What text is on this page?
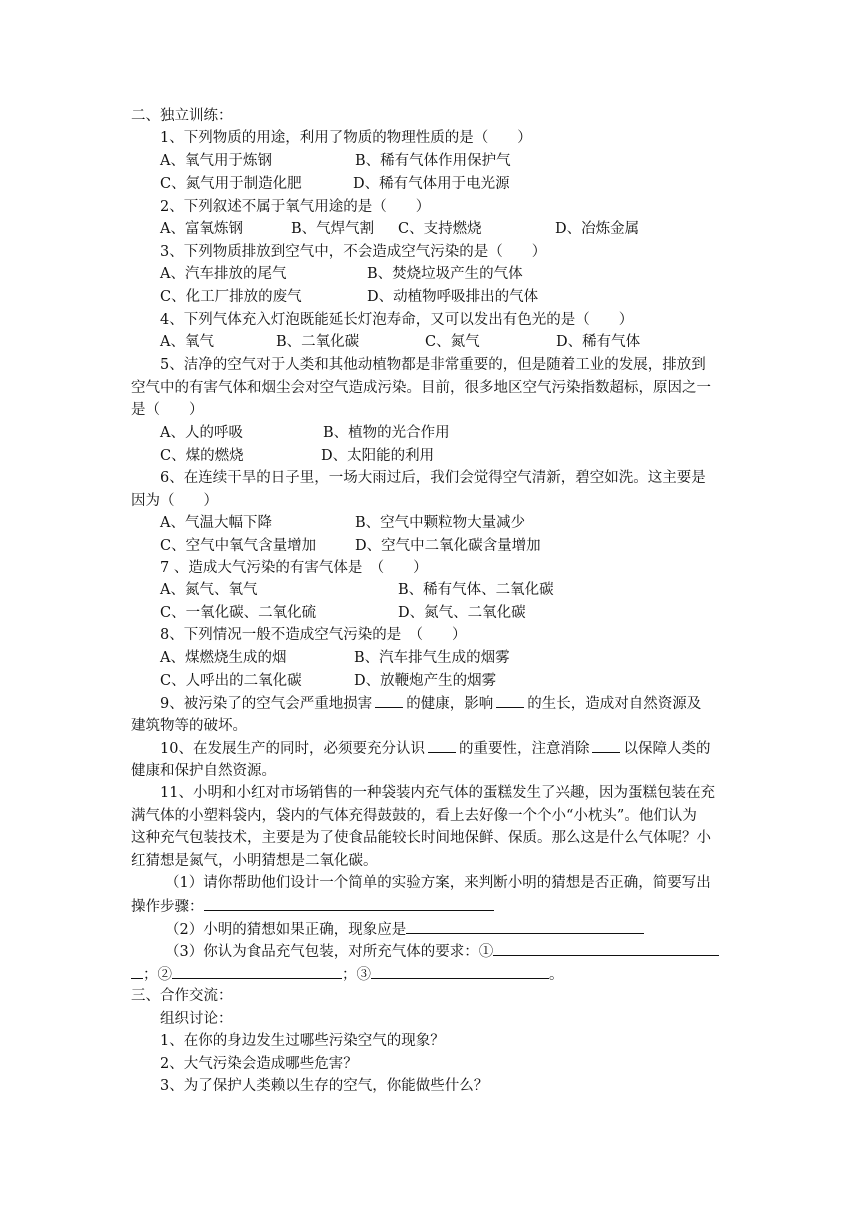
二、独立训练：
1、下列物质的用途，利用了物质的物理性质的是（　　）

A、氧气用于炼钢

	B、稀有气体作用保护气

C、氮气用于制造化肥

	D、稀有气体用于电光源

2、下列叙述不属于氧气用途的是（　　）

A、富氧炼钢

	B、气焊气割

C、支持燃烧

	D、冶炼金属

3、下列物质排放到空气中，不会造成空气污染的是（　　）

A、汽车排放的尾气

	B、焚烧垃圾产生的气体

C、化工厂排放的废气

	D、动植物呼吸排出的气体

4、下列气体充入灯泡既能延长灯泡寿命，又可以发出有色光的是（　　）

A、氧气

	B、二氧化碳

	C、氮气

	D、稀有气体

5、洁净的空气对于人类和其他动植物都是非常重要的，但是随着工业的发展，排放到
空气中的有害气体和烟尘会对空气造成污染。目前，很多地区空气污染指数超标，原因之一
是（　　）

A、人的呼吸

	B、植物的光合作用

C、煤的燃烧

	D、太阳能的利用

6、在连续干旱的日子里，一场大雨过后，我们会觉得空气清新，碧空如洗。这主要是
因为（　　）

A、气温大幅下降

	B、空气中颗粒物大量减少

C、空气中氧气含量增加

	D、空气中二氧化碳含量增加

7 、造成大气污染的有害气体是　（　　）

A、氮气、氧气

	B、稀有气体、二氧化碳

C、一氧化碳、二氧化硫

	D、氮气、二氧化碳

8、下列情况一般不造成空气污染的是　（　　）

A、煤燃烧生成的烟

	B、汽车排气生成的烟雾

C、人呼出的二氧化碳

	D、放鞭炮产生的烟雾

9、被污染了的空气会严重地损害 的健康，影响 的生长，造成对自然资源及
建筑物等的破坏。
10、在发展生产的同时，必须要充分认识 的重要性，注意消除 以保障人类的
健康和保护自然资源。
11、小明和小红对市场销售的一种袋装内充气体的蛋糕发生了兴趣，因为蛋糕包装在充
满气体的小塑料袋内，袋内的气体充得鼓鼓的，看上去好像一个个小“小枕头”。他们认为
这种充气包装技术，主要是为了使食品能较长时间地保鲜、保质。那么这是什么气体呢？小
红猜想是氮气，小明猜想是二氧化碳。
（1）请你帮助他们设计一个简单的实验方案，来判断小明的猜想是否正确，简要写出
操作步骤：
（2）小明的猜想如果正确，现象应是
（3）你认为食品充气包装，对所充气体的要求：①
；②	；③	。
三、合作交流：
组织讨论：
1、在你的身边发生过哪些污染空气的现象？
2、大气污染会造成哪些危害？
3、为了保护人类赖以生存的空气，你能做些什么？
